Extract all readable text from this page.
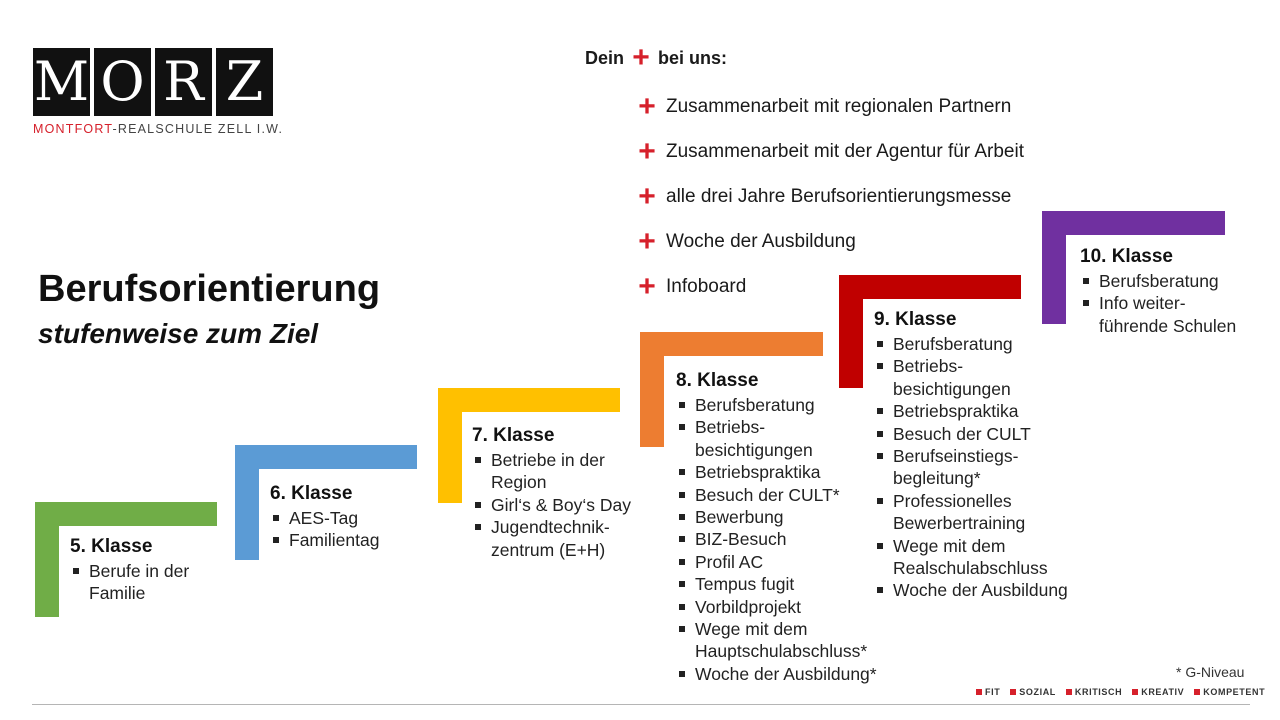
M O R Z
MONTFORT-REALSCHULE ZELL I.W.
Berufsorientierung
stufenweise zum Ziel
Dein + bei uns:
+ Zusammenarbeit mit regionalen Partnern
+ Zusammenarbeit mit der Agentur für Arbeit
+ alle drei Jahre Berufsorientierungsmesse
+ Woche der Ausbildung
+ Infoboard
5. Klasse
Berufe in der Familie
6. Klasse
AES-Tag
Familientag
7. Klasse
Betriebe in der Region
Girl‘s & Boy‘s Day
Jugendtechnik-zentrum (E+H)
8. Klasse
Berufsberatung
Betriebs-besichtigungen
Betriebspraktika
Besuch der CULT*
Bewerbung
BIZ-Besuch
Profil AC
Tempus fugit
Vorbildprojekt
Wege mit dem Hauptschulabschluss*
Woche der Ausbildung*
9. Klasse
Berufsberatung
Betriebs-besichtigungen
Betriebspraktika
Besuch der CULT
Berufseinstiegs-begleitung*
Professionelles Bewerbertraining
Wege mit dem Realschulabschluss
Woche der Ausbildung
10. Klasse
Berufsberatung
Info weiter-führende Schulen
* G-Niveau
FIT SOZIAL KRITISCH KREATIV KOMPETENT
